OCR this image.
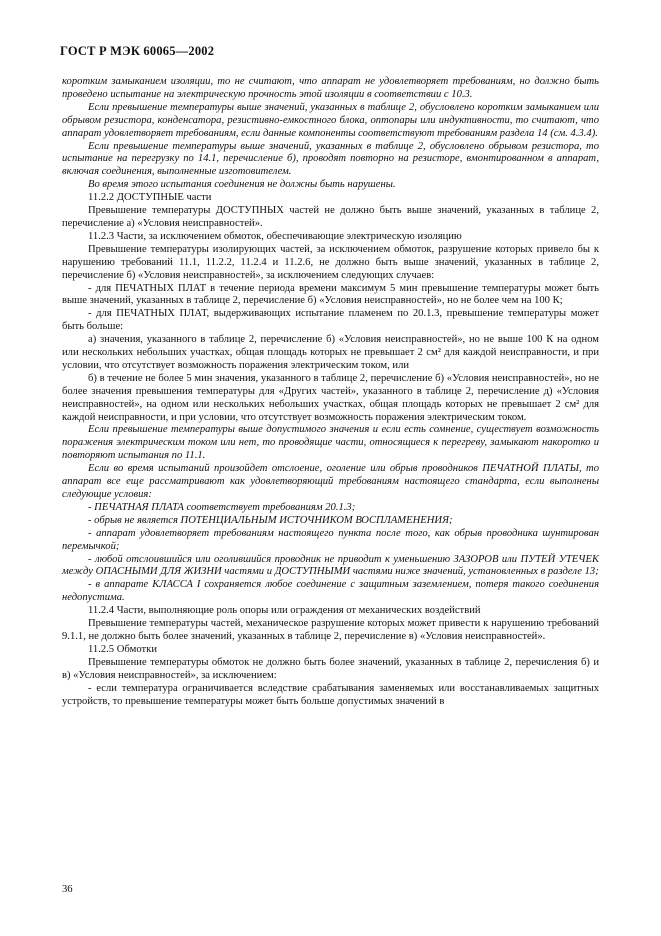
ГОСТ Р МЭК 60065—2002

коротким замыканием изоляции, то не считают, что аппарат не удовлетворяет требованиям, но должно быть проведено испытание на электрическую прочность этой изоляции в соответствии с 10.3.

Если превышение температуры выше значений, указанных в таблице 2, обусловлено коротким замыканием или обрывом резистора, конденсатора, резистивно-емкостного блока, оптопары или индуктивности, то считают, что аппарат удовлетворяет требованиям, если данные компоненты соответствуют требованиям раздела 14 (см. 4.3.4).

Если превышение температуры выше значений, указанных в таблице 2, обусловлено обрывом резистора, то испытание на перегрузку по 14.1, перечисление б), проводят повторно на резисторе, вмонтированном в аппарат, включая соединения, выполненные изготовителем.

Во время этого испытания соединения не должны быть нарушены.

11.2.2 ДОСТУПНЫЕ части

Превышение температуры ДОСТУПНЫХ частей не должно быть выше значений, указанных в таблице 2, перечисление а) «Условия неисправностей».

11.2.3 Части, за исключением обмоток, обеспечивающие электрическую изоляцию

Превышение температуры изолирующих частей, за исключением обмоток, разрушение которых привело бы к нарушению требований 11.1, 11.2.2, 11.2.4 и 11.2.6, не должно быть выше значений, указанных в таблице 2, перечисление б) «Условия неисправностей», за исключением следующих случаев:

- для ПЕЧАТНЫХ ПЛАТ в течение периода времени максимум 5 мин превышение температуры может быть выше значений, указанных в таблице 2, перечисление б) «Условия неисправностей», но не более чем на 100 К;

- для ПЕЧАТНЫХ ПЛАТ, выдерживающих испытание пламенем по 20.1.3, превышение температуры может быть больше:

а) значения, указанного в таблице 2, перечисление б) «Условия неисправностей», но не выше 100 К на одном или нескольких небольших участках, общая площадь которых не превышает 2 см² для каждой неисправности, и при условии, что отсутствует возможность поражения электрическим током, или

б) в течение не более 5 мин значения, указанного в таблице 2, перечисление б) «Условия неисправностей», но не более значения превышения температуры для «Других частей», указанного в таблице 2, перечисление д) «Условия неисправностей», на одном или нескольких небольших участках, общая площадь которых не превышает 2 см² для каждой неисправности, и при условии, что отсутствует возможность поражения электрическим током.

Если превышение температуры выше допустимого значения и если есть сомнение, существует возможность поражения электрическим током или нет, то проводящие части, относящиеся к перегреву, замыкают накоротко и повторяют испытания по 11.1.

Если во время испытаний произойдет отслоение, оголение или обрыв проводников ПЕЧАТНОЙ ПЛАТЫ, то аппарат все еще рассматривают как удовлетворяющий требованиям настоящего стандарта, если выполнены следующие условия:

- ПЕЧАТНАЯ ПЛАТА соответствует требованиям 20.1.3;

- обрыв не является ПОТЕНЦИАЛЬНЫМ ИСТОЧНИКОМ ВОСПЛАМЕНЕНИЯ;

- аппарат удовлетворяет требованиям настоящего пункта после того, как обрыв проводника шунтирован перемычкой;

- любой отслоившийся или оголившийся проводник не приводит к уменьшению ЗАЗОРОВ или ПУТЕЙ УТЕЧЕК между ОПАСНЫМИ ДЛЯ ЖИЗНИ частями и ДОСТУПНЫМИ частями ниже значений, установленных в разделе 13;

- в аппарате КЛАССА I сохраняется любое соединение с защитным заземлением, потеря такого соединения недопустима.

11.2.4 Части, выполняющие роль опоры или ограждения от механических воздействий

Превышение температуры частей, механическое разрушение которых может привести к нарушению требований 9.1.1, не должно быть более значений, указанных в таблице 2, перечисление в) «Условия неисправностей».

11.2.5 Обмотки

Превышение температуры обмоток не должно быть более значений, указанных в таблице 2, перечисления б) и в) «Условия неисправностей», за исключением:

- если температура ограничивается вследствие срабатывания заменяемых или восстанавливаемых защитных устройств, то превышение температуры может быть больше допустимых значений в

36
